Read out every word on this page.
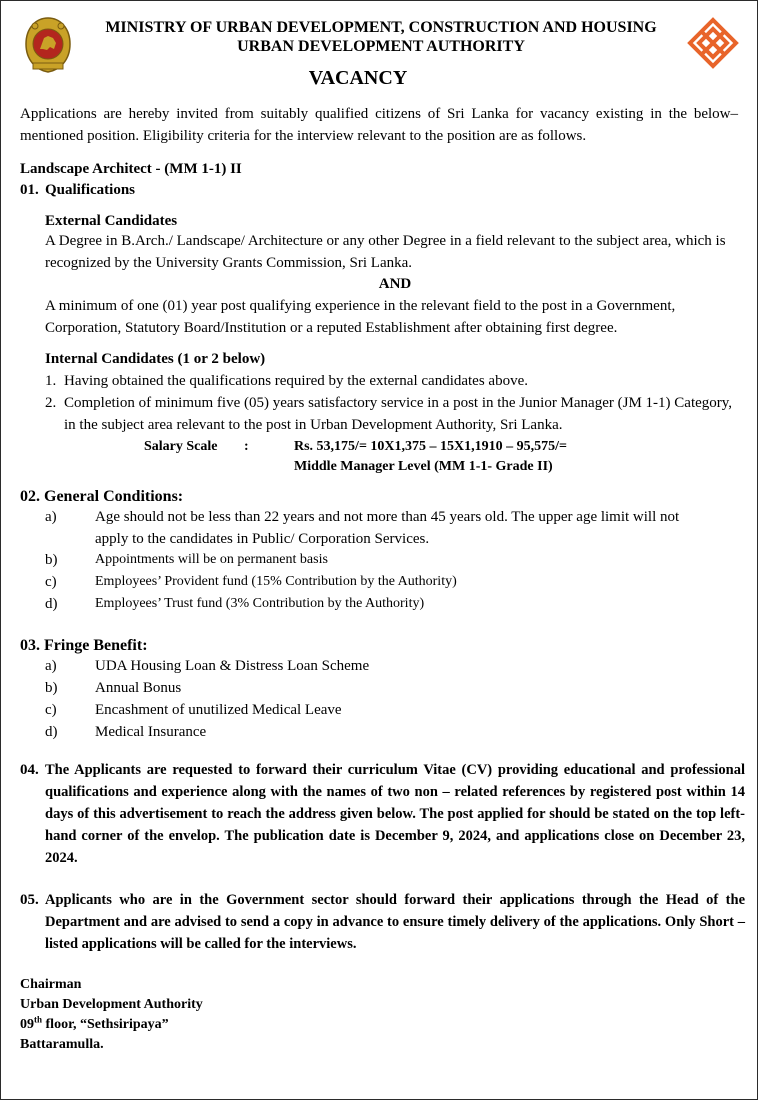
MINISTRY OF URBAN DEVELOPMENT, CONSTRUCTION AND HOUSING
URBAN DEVELOPMENT AUTHORITY
VACANCY

Applications are hereby invited from suitably qualified citizens of Sri Lanka for vacancy existing in the below–mentioned position. Eligibility criteria for the interview relevant to the position are as follows.

Landscape Architect - (MM 1-1) II
01. Qualifications
External Candidates

A Degree in B.Arch./ Landscape/ Architecture or any other Degree in a field relevant to the subject area, which is recognized by the University Grants Commission, Sri Lanka.

AND

A minimum of one (01) year post qualifying experience in the relevant field to the post in a Government, Corporation, Statutory Board/Institution or a reputed Establishment after obtaining first degree.

Internal Candidates (1 or 2 below)
1. Having obtained the qualifications required by the external candidates above.
2. Completion of minimum five (05) years satisfactory service in a post in the Junior Manager (JM 1-1) Category, in the subject area relevant to the post in Urban Development Authority, Sri Lanka.
Salary Scale :	Rs. 53,175/= 10X1,375 – 15X1,1910 – 95,575/=
Middle Manager Level (MM 1-1- Grade II)
02. General Conditions:
a)	Age should not be less than 22 years and not more than 45 years old. The upper age limit will not apply to the candidates in Public/ Corporation Services.
b)	Appointments will be on permanent basis
c)	Employees’ Provident fund (15% Contribution by the Authority)
d)	Employees’ Trust fund (3% Contribution by the Authority)
03. Fringe Benefit:
a)	UDA Housing Loan & Distress Loan Scheme
b)	Annual Bonus
c)	Encashment of unutilized Medical Leave
d)	Medical Insurance
04. The Applicants are requested to forward their curriculum Vitae (CV) providing educational and professional qualifications and experience along with the names of two non – related references by registered post within 14 days of this advertisement to reach the address given below. The post applied for should be stated on the top left-hand corner of the envelop. The publication date is December 9, 2024, and applications close on December 23, 2024.

05. Applicants who are in the Government sector should forward their applications through the Head of the Department and are advised to send a copy in advance to ensure timely delivery of the applications. Only Short – listed applications will be called for the interviews.

Chairman
Urban Development Authority
09th floor, “Sethsiripaya”
Battaramulla.
